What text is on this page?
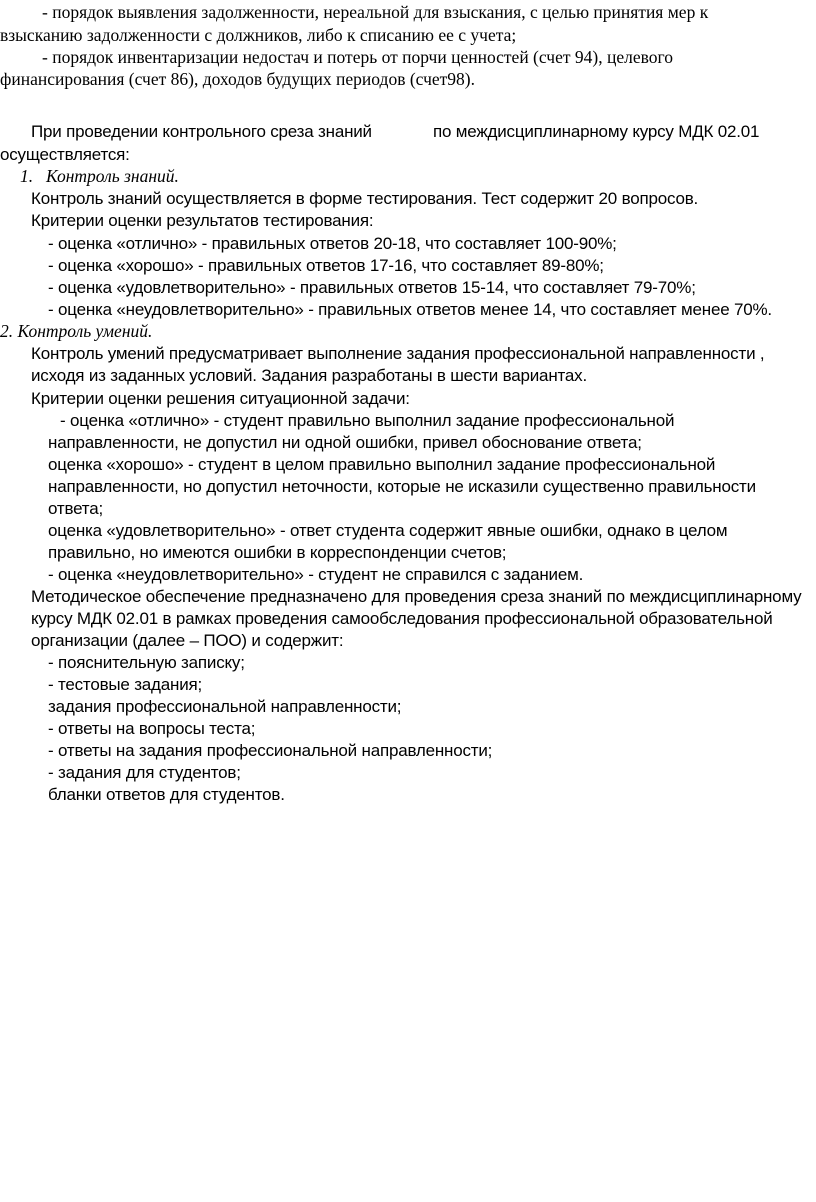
- порядок выявления задолженности, нереальной для взыскания, с целью принятия мер к
взысканию задолженности с должников, либо к списанию ее с учета;
- порядок инвентаризации недостач и потерь от порчи ценностей (счет 94), целевого
финансирования (счет 86), доходов будущих периодов (счет98).
При проведении контрольного среза знаний	по междисциплинарному курсу МДК 02.01
осуществляется:
1. Контроль знаний.
Контроль знаний осуществляется в форме тестирования. Тест содержит 20 вопросов.
Критерии оценки результатов тестирования:
- оценка «отлично» - правильных ответов 20-18, что составляет 100-90%;
- оценка «хорошо» - правильных ответов 17-16, что составляет 89-80%;
- оценка «удовлетворительно» - правильных ответов 15-14, что составляет 79-70%;
- оценка «неудовлетворительно» - правильных ответов менее 14, что составляет менее 70%.
2. Контроль умений.
Контроль умений предусматривает выполнение задания профессиональной направленности ,
исходя из заданных условий. Задания разработаны в шести вариантах.
Критерии оценки решения ситуационной задачи:
- оценка «отлично» - студент правильно выполнил задание профессиональной
направленности, не допустил ни одной ошибки, привел обоснование ответа;
оценка «хорошо» - студент в целом правильно выполнил задание профессиональной
направленности, но допустил неточности, которые не исказили существенно правильности
ответа;
оценка «удовлетворительно» - ответ студента содержит явные ошибки, однако в целом
правильно, но имеются ошибки в корреспонденции счетов;
- оценка «неудовлетворительно» - студент не справился с заданием.
Методическое обеспечение предназначено для проведения среза знаний по междисциплинарному
курсу МДК 02.01 в рамках проведения самообследования профессиональной образовательной
организации (далее – ПОО) и содержит:
- пояснительную записку;
- тестовые задания;
задания профессиональной направленности;
- ответы на вопросы теста;
- ответы на задания профессиональной направленности;
- задания для студентов;
бланки ответов для студентов.
